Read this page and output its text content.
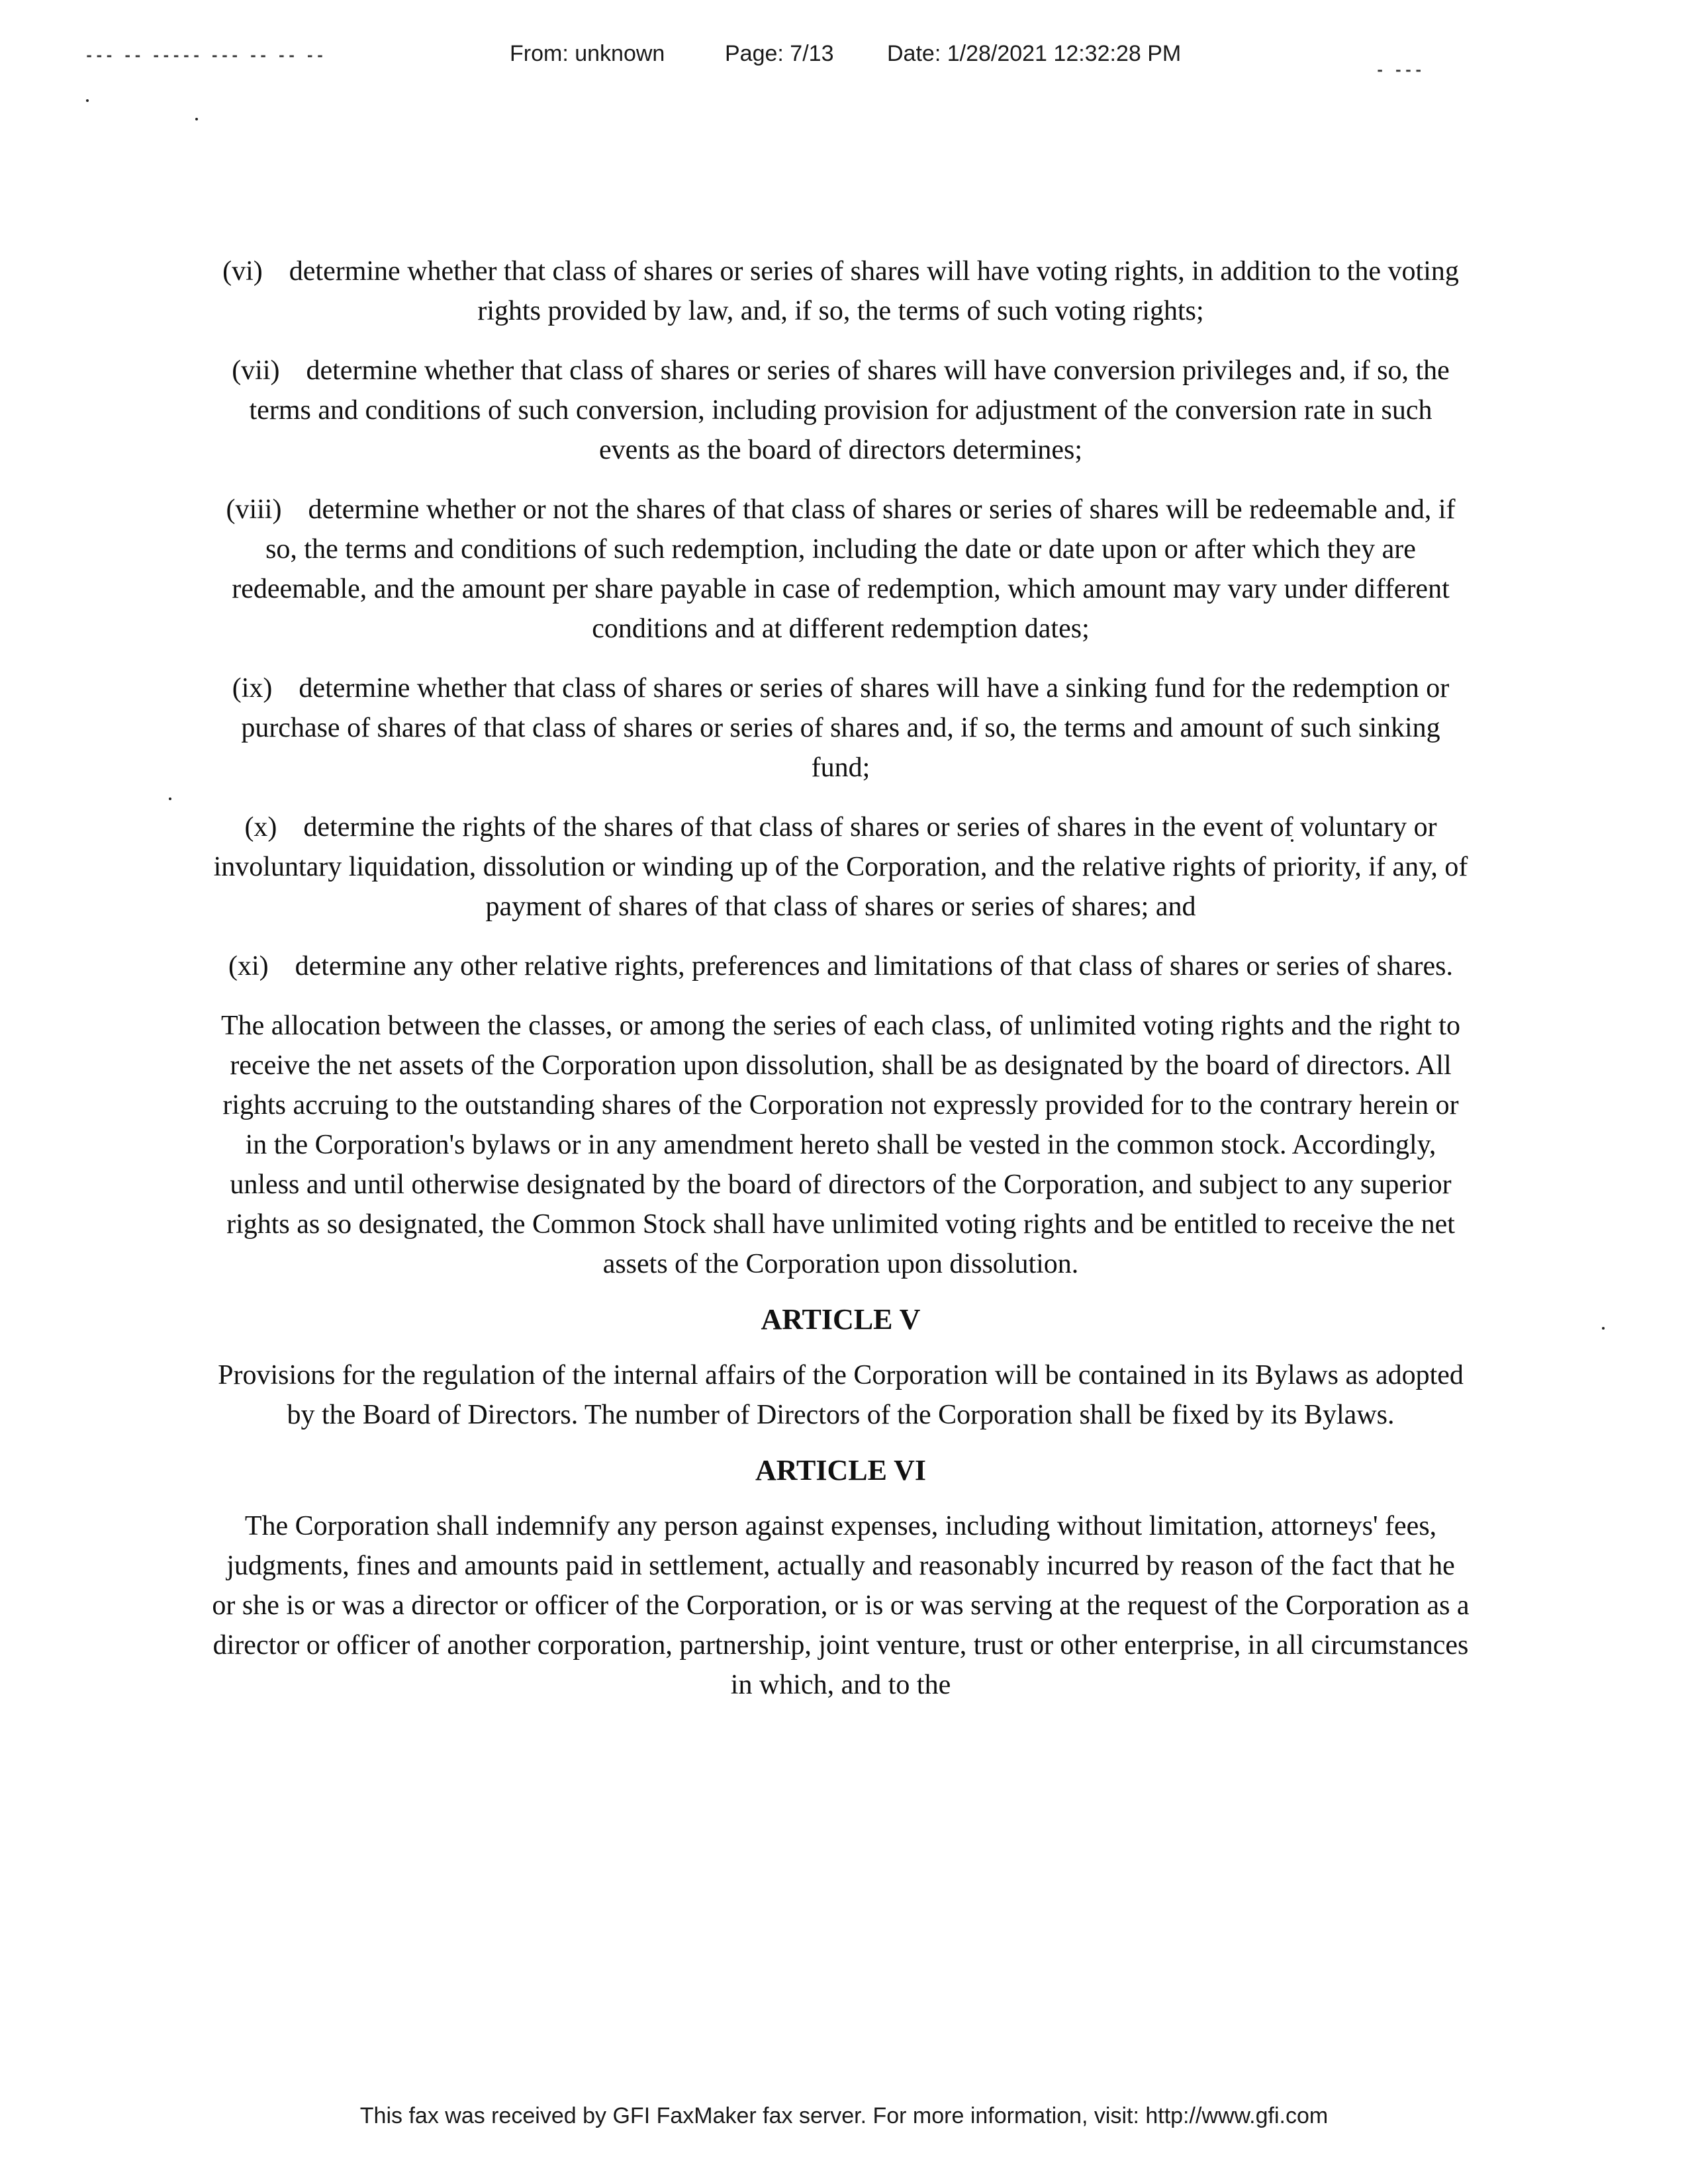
▪▪▪ ▪▪ ▪▪▪▪▪ ▪▪▪ ▪▪ ▪▪ ▪▪
▪ ▪▪▪
From: unknown	Page: 7/13 Date: 1/28/2021 12:32:28 PM
(vi) determine whether that class of shares or series of shares will have voting rights, in addition to the voting rights provided by law, and, if so, the terms of such voting rights;
(vii) determine whether that class of shares or series of shares will have conversion privileges and, if so, the terms and conditions of such conversion, including provision for adjustment of the conversion rate in such events as the board of directors determines;
(viii) determine whether or not the shares of that class of shares or series of shares will be redeemable and, if so, the terms and conditions of such redemption, including the date or date upon or after which they are redeemable, and the amount per share payable in case of redemption, which amount may vary under different conditions and at different redemption dates;
(ix) determine whether that class of shares or series of shares will have a sinking fund for the redemption or purchase of shares of that class of shares or series of shares and, if so, the terms and amount of such sinking fund;
(x) determine the rights of the shares of that class of shares or series of shares in the event of voluntary or involuntary liquidation, dissolution or winding up of the Corporation, and the relative rights of priority, if any, of payment of shares of that class of shares or series of shares; and
(xi) determine any other relative rights, preferences and limitations of that class of shares or series of shares.

The allocation between the classes, or among the series of each class, of unlimited voting rights and the right to receive the net assets of the Corporation upon dissolution, shall be as designated by the board of directors. All rights accruing to the outstanding shares of the Corporation not expressly provided for to the contrary herein or in the Corporation's bylaws or in any amendment hereto shall be vested in the common stock. Accordingly, unless and until otherwise designated by the board of directors of the Corporation, and subject to any superior rights as so designated, the Common Stock shall have unlimited voting rights and be entitled to receive the net assets of the Corporation upon dissolution.

ARTICLE V

Provisions for the regulation of the internal affairs of the Corporation will be contained in its Bylaws as adopted by the Board of Directors. The number of Directors of the Corporation shall be fixed by its Bylaws.

ARTICLE VI

The Corporation shall indemnify any person against expenses, including without limitation, attorneys' fees, judgments, fines and amounts paid in settlement, actually and reasonably incurred by reason of the fact that he or she is or was a director or officer of the Corporation, or is or was serving at the request of the Corporation as a director or officer of another corporation, partnership, joint venture, trust or other enterprise, in all circumstances in which, and to the

This fax was received by GFI FaxMaker fax server. For more information, visit: http://www.gfi.com
